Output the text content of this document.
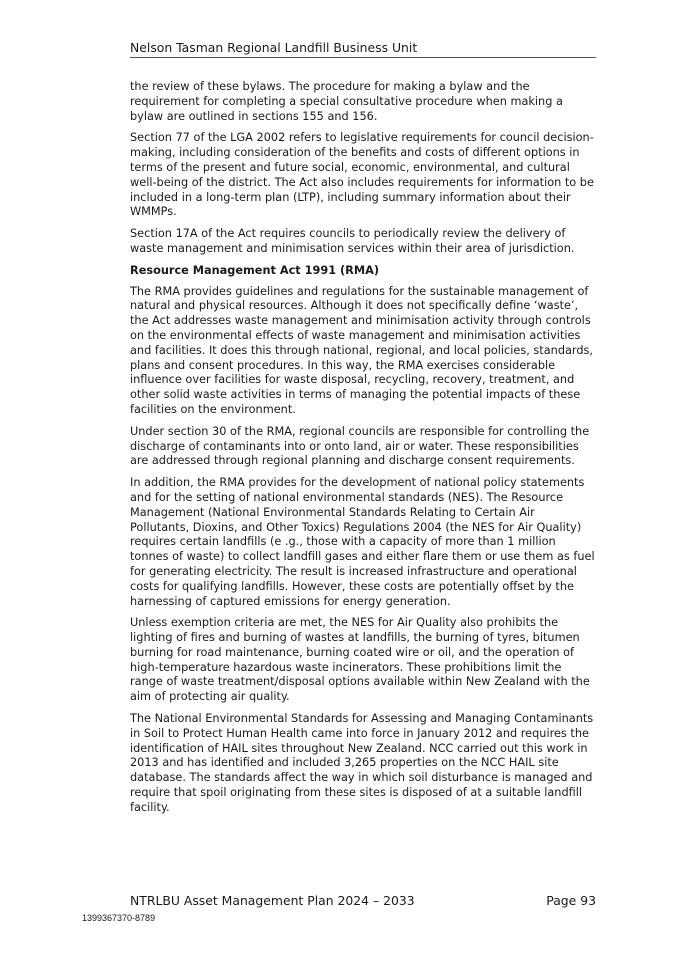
Nelson Tasman Regional Landfill Business Unit

the review of these bylaws. The procedure for making a bylaw and the requirement for completing a special consultative procedure when making a bylaw are outlined in sections 155 and 156.

Section 77 of the LGA 2002 refers to legislative requirements for council decision-making, including consideration of the benefits and costs of different options in terms of the present and future social, economic, environmental, and cultural well-being of the district. The Act also includes requirements for information to be included in a long-term plan (LTP), including summary information about their WMMPs.

Section 17A of the Act requires councils to periodically review the delivery of waste management and minimisation services within their area of jurisdiction.

Resource Management Act 1991 (RMA)

The RMA provides guidelines and regulations for the sustainable management of natural and physical resources. Although it does not specifically define ‘waste’, the Act addresses waste management and minimisation activity through controls on the environmental effects of waste management and minimisation activities and facilities. It does this through national, regional, and local policies, standards, plans and consent procedures. In this way, the RMA exercises considerable influence over facilities for waste disposal, recycling, recovery, treatment, and other solid waste activities in terms of managing the potential impacts of these facilities on the environment.

Under section 30 of the RMA, regional councils are responsible for controlling the discharge of contaminants into or onto land, air or water. These responsibilities are addressed through regional planning and discharge consent requirements.

In addition, the RMA provides for the development of national policy statements and for the setting of national environmental standards (NES). The Resource Management (National Environmental Standards Relating to Certain Air Pollutants, Dioxins, and Other Toxics) Regulations 2004 (the NES for Air Quality) requires certain landfills (e .g., those with a capacity of more than 1 million tonnes of waste) to collect landfill gases and either flare them or use them as fuel for generating electricity. The result is increased infrastructure and operational costs for qualifying landfills. However, these costs are potentially offset by the harnessing of captured emissions for energy generation.

Unless exemption criteria are met, the NES for Air Quality also prohibits the lighting of fires and burning of wastes at landfills, the burning of tyres, bitumen burning for road maintenance, burning coated wire or oil, and the operation of high-temperature hazardous waste incinerators. These prohibitions limit the range of waste treatment/disposal options available within New Zealand with the aim of protecting air quality.

The National Environmental Standards for Assessing and Managing Contaminants in Soil to Protect Human Health came into force in January 2012 and requires the identification of HAIL sites throughout New Zealand. NCC carried out this work in 2013 and has identified and included 3,265 properties on the NCC HAIL site database. The standards affect the way in which soil disturbance is managed and require that spoil originating from these sites is disposed of at a suitable landfill facility.

NTRLBU Asset Management Plan 2024 – 2033	Page 93
1399367370-8789
